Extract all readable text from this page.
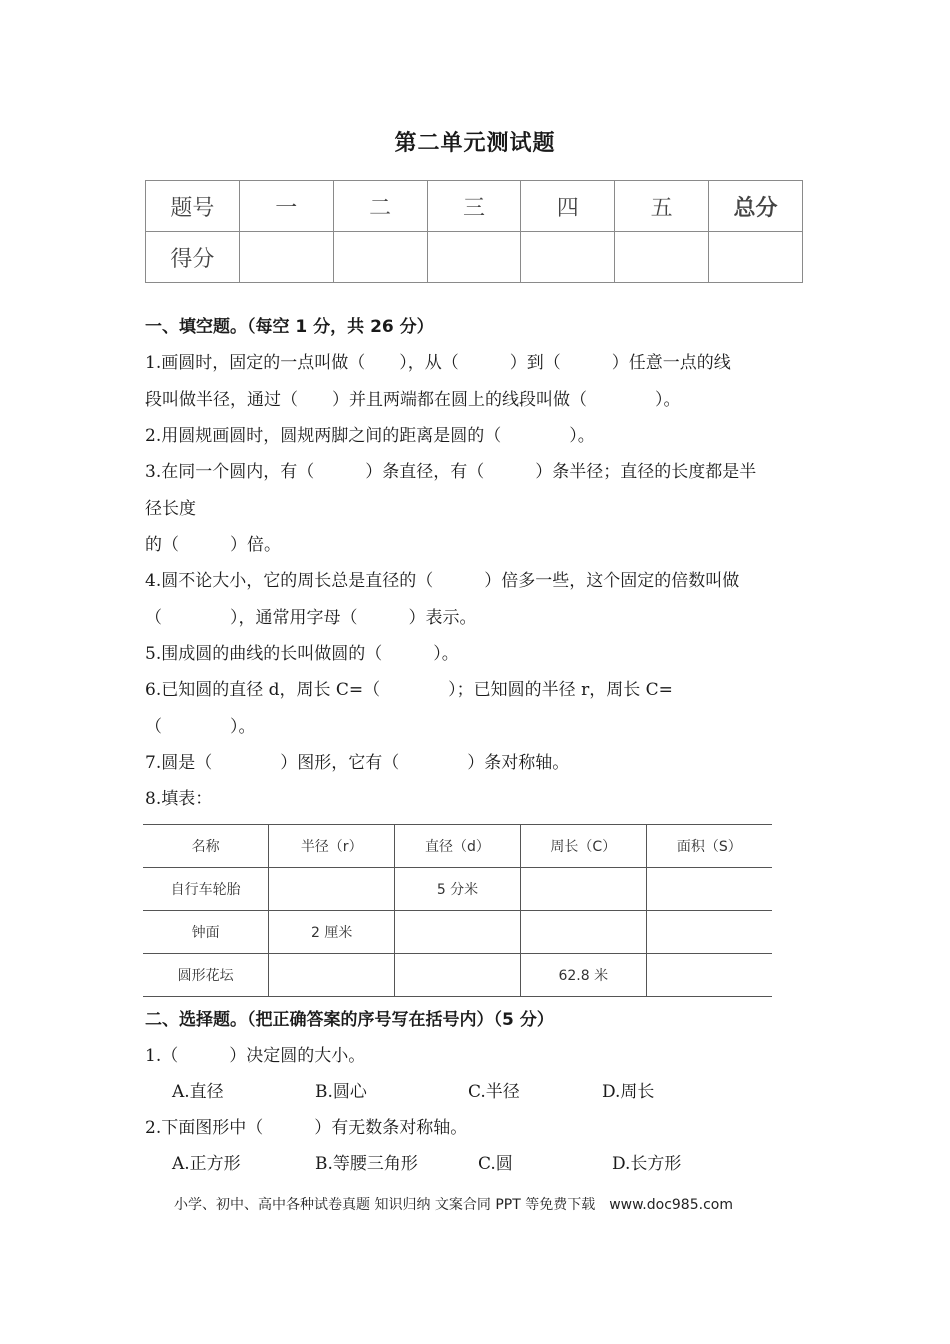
第二单元测试题
题号	一	二	三	四	五	总分
得分						
一、填空题。（每空 1 分，共 26 分）
1.画圆时，固定的一点叫做（　　），从（　　　）到（　　　）任意一点的线
段叫做半径，通过（　　）并且两端都在圆上的线段叫做（　　　　）。
2.用圆规画圆时，圆规两脚之间的距离是圆的（　　　　）。
3.在同一个圆内，有（　　　）条直径，有（　　　）条半径；直径的长度都是半
径长度
的（　　　）倍。
4.圆不论大小，它的周长总是直径的（　　　）倍多一些，这个固定的倍数叫做
（　　　　），通常用字母（　　　）表示。
5.围成圆的曲线的长叫做圆的（　　　）。
6.已知圆的直径 d，周长 C=（　　　　）；已知圆的半径 r，周长 C=
（　　　　）。
7.圆是（　　　　）图形，它有（　　　　）条对称轴。
8.填表：
名称	半径（r）	直径（d）	周长（C）	面积（S）
自行车轮胎		5 分米		
钟面	2 厘米			
圆形花坛			62.8 米	
二、选择题。（把正确答案的序号写在括号内）（5 分）
1.（　　　）决定圆的大小。
A.直径	B.圆心	C.半径	D.周长
2.下面图形中（　　　）有无数条对称轴。
A.正方形	B.等腰三角形	C.圆	D.长方形
小学、初中、高中各种试卷真题 知识归纳 文案合同 PPT 等免费下载　www.doc985.com
